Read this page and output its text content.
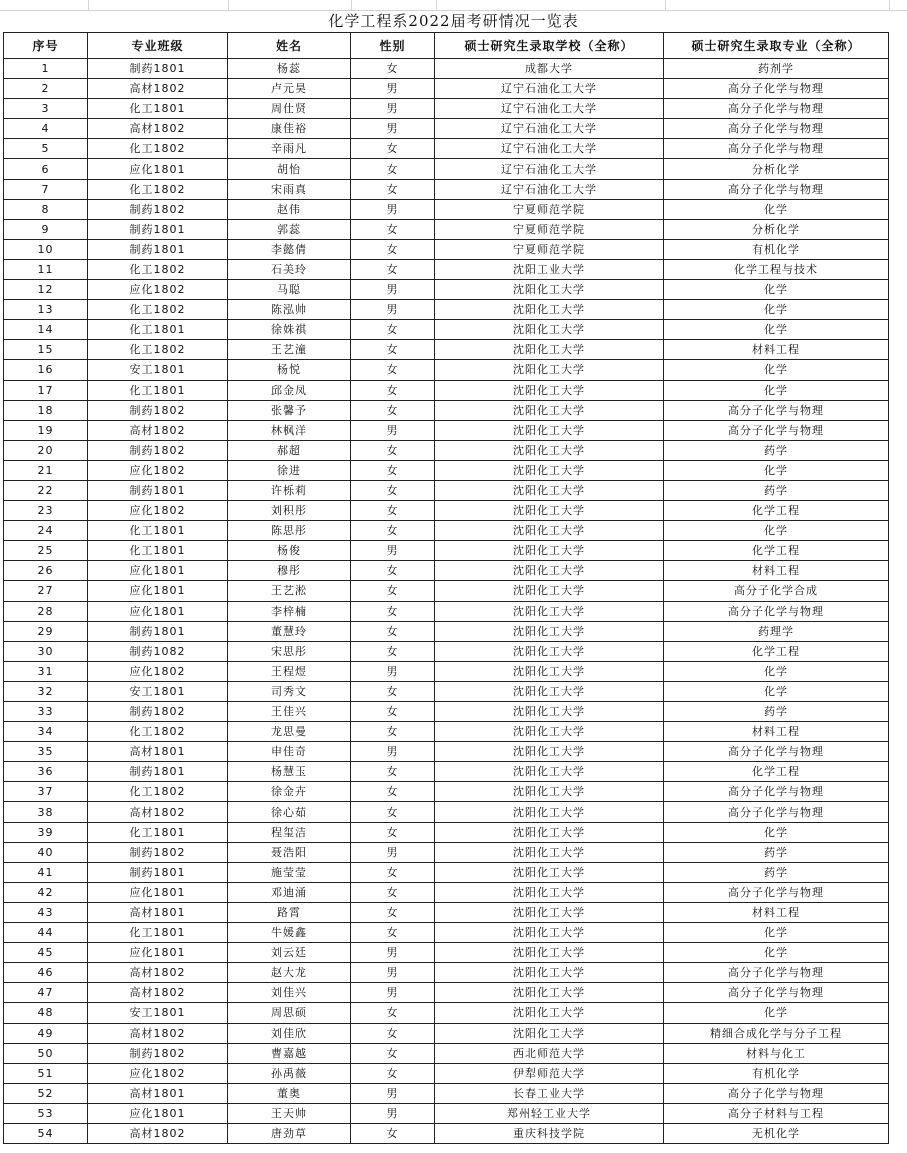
化学工程系2022届考研情况一览表
序号	专业班级	姓名	性别	硕士研究生录取学校（全称）	硕士研究生录取专业（全称）
1	制药1801	杨蕊	女	成都大学	药剂学
2	高材1802	卢元昊	男	辽宁石油化工大学	高分子化学与物理
3	化工1801	周仕贤	男	辽宁石油化工大学	高分子化学与物理
4	高材1802	康佳裕	男	辽宁石油化工大学	高分子化学与物理
5	化工1802	辛雨凡	女	辽宁石油化工大学	高分子化学与物理
6	应化1801	胡怡	女	辽宁石油化工大学	分析化学
7	化工1802	宋雨真	女	辽宁石油化工大学	高分子化学与物理
8	制药1802	赵伟	男	宁夏师范学院	化学
9	制药1801	郭蕊	女	宁夏师范学院	分析化学
10	制药1801	李懿倩	女	宁夏师范学院	有机化学
11	化工1802	石美玲	女	沈阳工业大学	化学工程与技术
12	应化1802	马聪	男	沈阳化工大学	化学
13	化工1802	陈泓帅	男	沈阳化工大学	化学
14	化工1801	徐姝祺	女	沈阳化工大学	化学
15	化工1802	王艺潼	女	沈阳化工大学	材料工程
16	安工1801	杨悦	女	沈阳化工大学	化学
17	化工1801	邱金凤	女	沈阳化工大学	化学
18	制药1802	张馨予	女	沈阳化工大学	高分子化学与物理
19	高材1802	林枫洋	男	沈阳化工大学	高分子化学与物理
20	制药1802	郝超	女	沈阳化工大学	药学
21	应化1802	徐进	女	沈阳化工大学	化学
22	制药1801	许栎莉	女	沈阳化工大学	药学
23	应化1802	刘积彤	女	沈阳化工大学	化学工程
24	化工1801	陈思彤	女	沈阳化工大学	化学
25	化工1801	杨俊	男	沈阳化工大学	化学工程
26	应化1801	穆彤	女	沈阳化工大学	材料工程
27	应化1801	王艺淞	女	沈阳化工大学	高分子化学合成
28	应化1801	李梓楠	女	沈阳化工大学	高分子化学与物理
29	制药1801	董慧玲	女	沈阳化工大学	药理学
30	制药1082	宋思彤	女	沈阳化工大学	化学工程
31	应化1802	王程煜	男	沈阳化工大学	化学
32	安工1801	司秀文	女	沈阳化工大学	化学
33	制药1802	王佳兴	女	沈阳化工大学	药学
34	化工1802	龙思曼	女	沈阳化工大学	材料工程
35	高材1801	申佳奇	男	沈阳化工大学	高分子化学与物理
36	制药1801	杨慧玉	女	沈阳化工大学	化学工程
37	化工1802	徐金卉	女	沈阳化工大学	高分子化学与物理
38	高材1802	徐心茹	女	沈阳化工大学	高分子化学与物理
39	化工1801	程玺洁	女	沈阳化工大学	化学
40	制药1802	聂浩阳	男	沈阳化工大学	药学
41	制药1801	施莹莹	女	沈阳化工大学	药学
42	应化1801	邓迪涌	女	沈阳化工大学	高分子化学与物理
43	高材1801	路霄	女	沈阳化工大学	材料工程
44	化工1801	牛媛鑫	女	沈阳化工大学	化学
45	应化1801	刘云廷	男	沈阳化工大学	化学
46	高材1802	赵大龙	男	沈阳化工大学	高分子化学与物理
47	高材1802	刘佳兴	男	沈阳化工大学	高分子化学与物理
48	安工1801	周思硕	女	沈阳化工大学	化学
49	高材1802	刘佳欣	女	沈阳化工大学	精细合成化学与分子工程
50	制药1802	曹嘉越	女	西北师范大学	材料与化工
51	应化1802	孙禹薇	女	伊犁师范大学	有机化学
52	高材1801	董奥	男	长春工业大学	高分子化学与物理
53	应化1801	王天帅	男	郑州轻工业大学	高分子材料与工程
54	高材1802	唐劲草	女	重庆科技学院	无机化学
